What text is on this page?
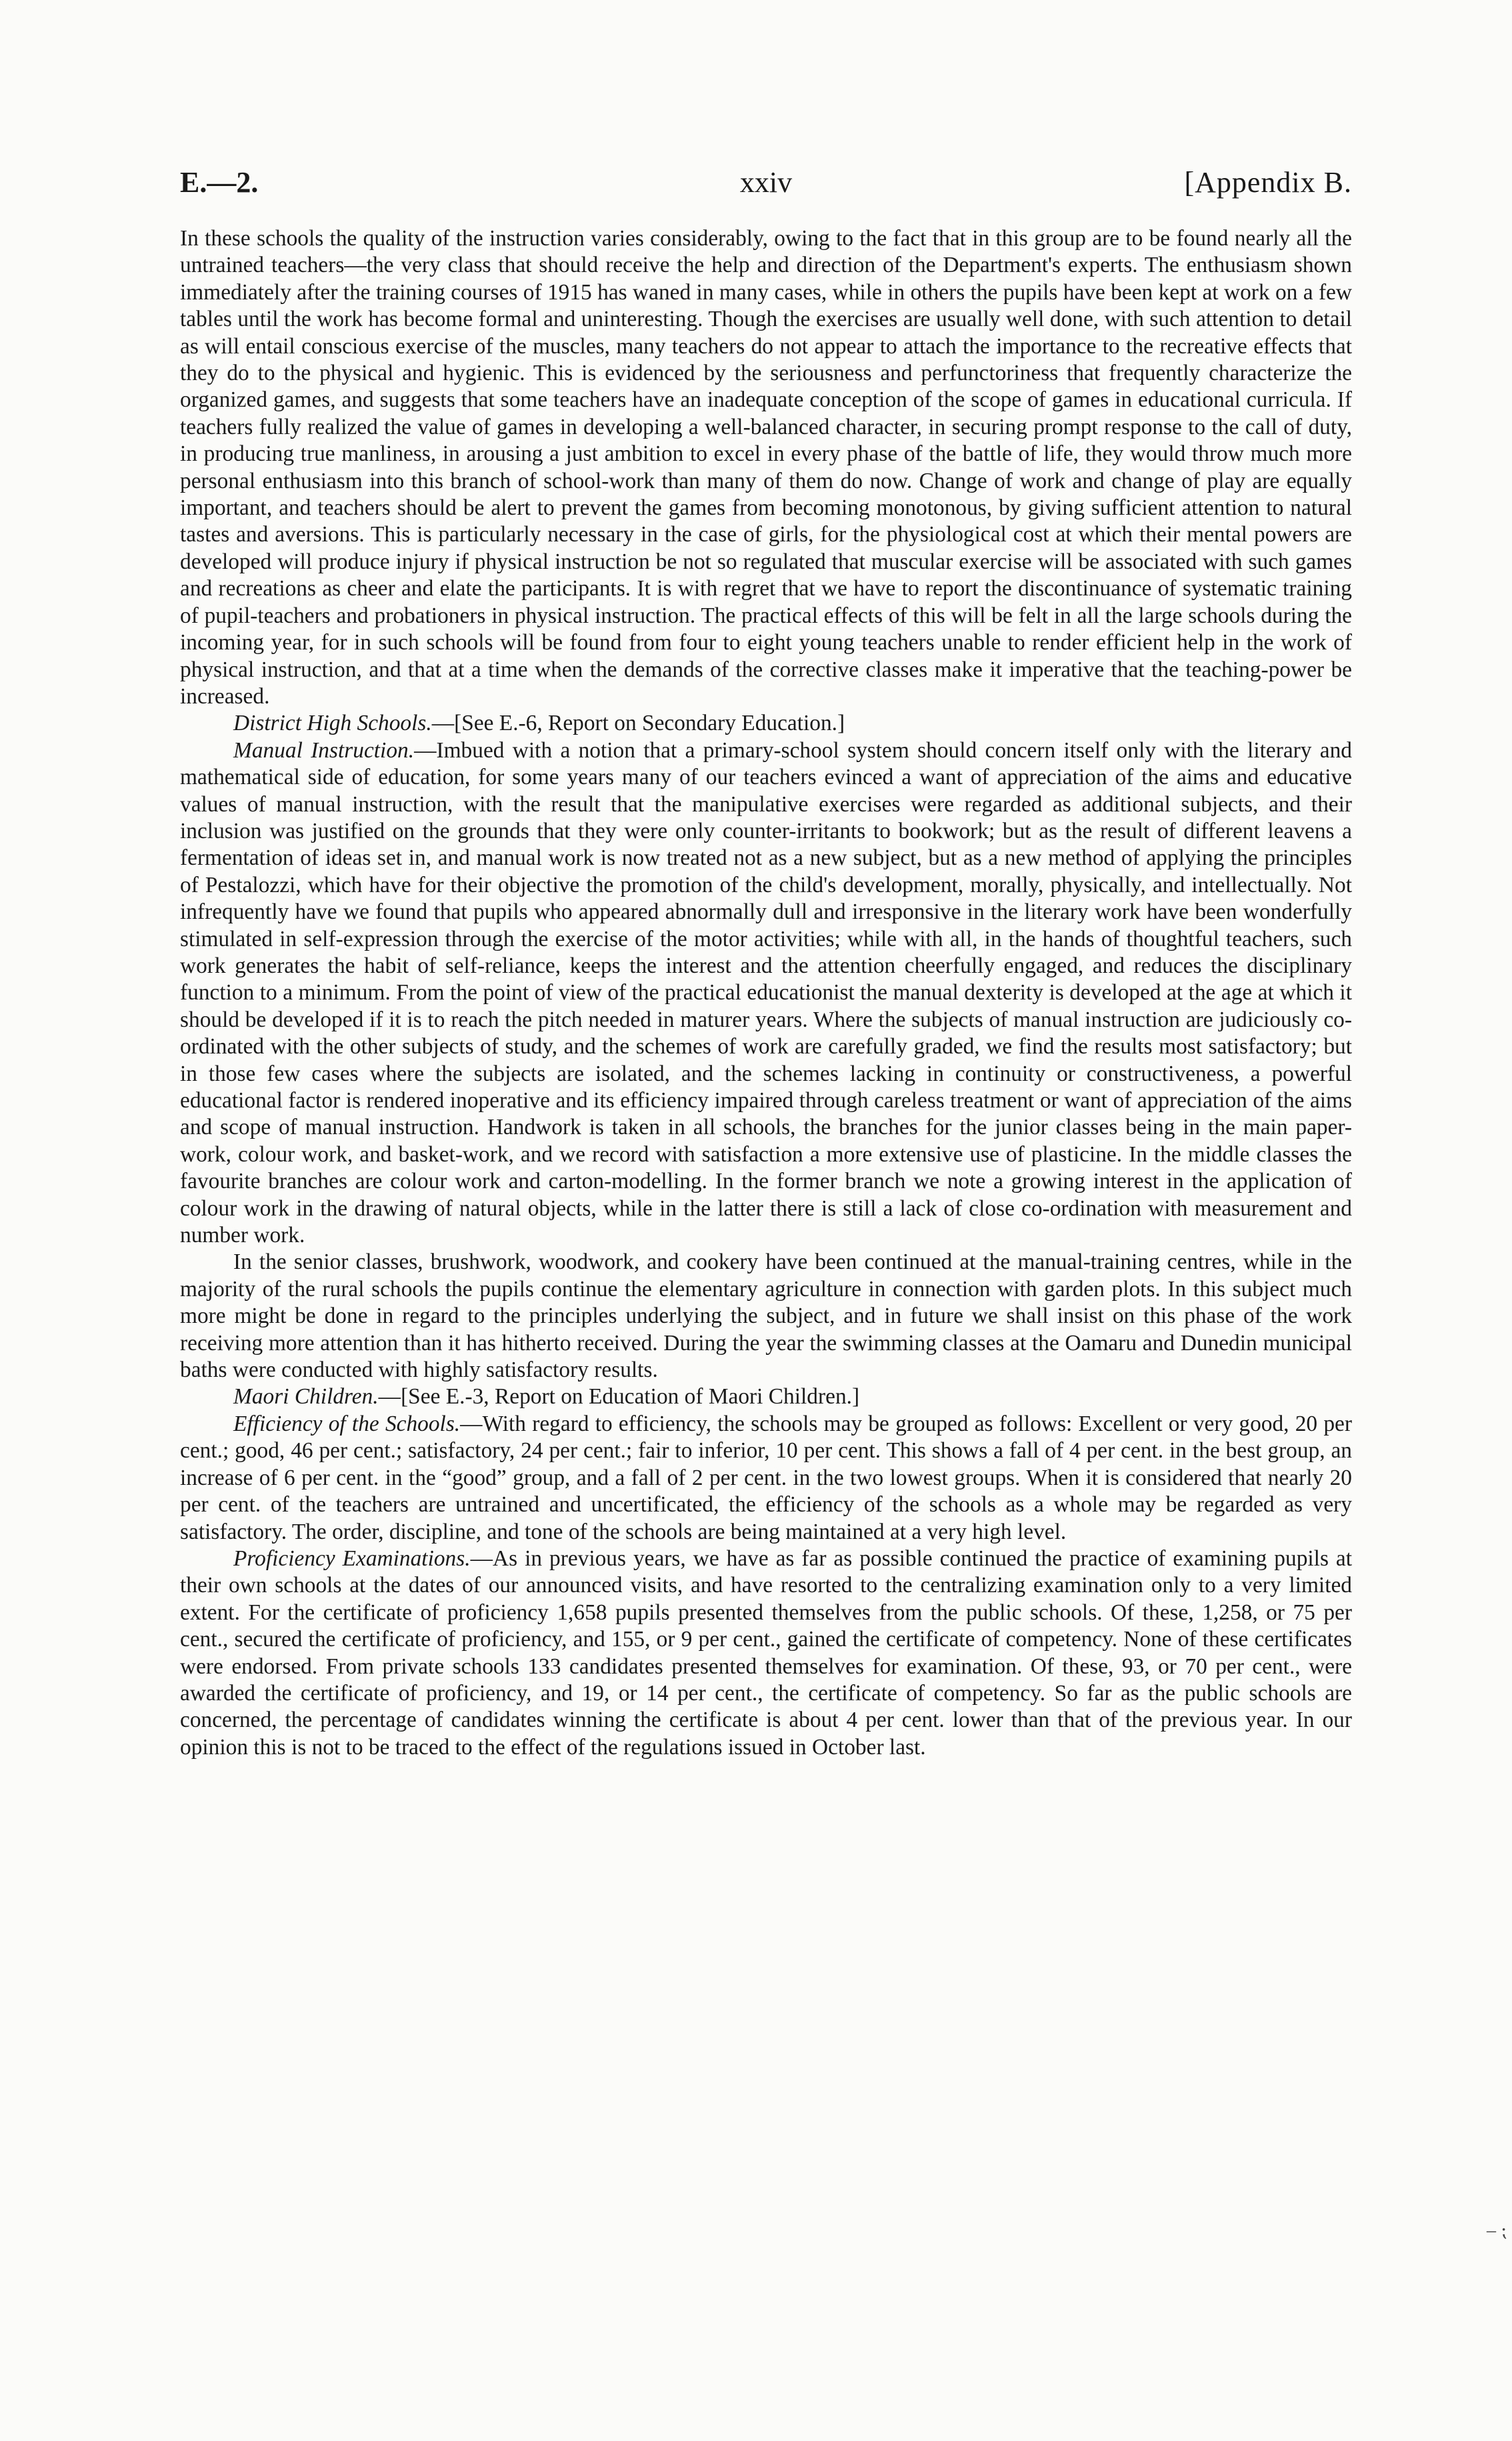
E.—2.	xxiv	[Appendix B.

In these schools the quality of the instruction varies considerably, owing to the fact that in this group are to be found nearly all the untrained teachers—the very class that should receive the help and direction of the Department's experts. The enthusiasm shown immediately after the training courses of 1915 has waned in many cases, while in others the pupils have been kept at work on a few tables until the work has become formal and uninteresting. Though the exercises are usually well done, with such attention to detail as will entail conscious exercise of the muscles, many teachers do not appear to attach the importance to the recreative effects that they do to the physical and hygienic. This is evidenced by the seriousness and perfunctoriness that frequently characterize the organized games, and suggests that some teachers have an inadequate conception of the scope of games in educational curricula. If teachers fully realized the value of games in developing a well-balanced character, in securing prompt response to the call of duty, in producing true manliness, in arousing a just ambition to excel in every phase of the battle of life, they would throw much more personal enthusiasm into this branch of school-work than many of them do now. Change of work and change of play are equally important, and teachers should be alert to prevent the games from becoming monotonous, by giving sufficient attention to natural tastes and aversions. This is particularly necessary in the case of girls, for the physiological cost at which their mental powers are developed will produce injury if physical instruction be not so regulated that muscular exercise will be associated with such games and recreations as cheer and elate the participants. It is with regret that we have to report the discontinuance of systematic training of pupil-teachers and probationers in physical instruction. The practical effects of this will be felt in all the large schools during the incoming year, for in such schools will be found from four to eight young teachers unable to render efficient help in the work of physical instruction, and that at a time when the demands of the corrective classes make it imperative that the teaching-power be increased.

District High Schools.—[See E.-6, Report on Secondary Education.]

Manual Instruction.—Imbued with a notion that a primary-school system should concern itself only with the literary and mathematical side of education, for some years many of our teachers evinced a want of appreciation of the aims and educative values of manual instruction, with the result that the manipulative exercises were regarded as additional subjects, and their inclusion was justified on the grounds that they were only counter-irritants to bookwork; but as the result of different leavens a fermentation of ideas set in, and manual work is now treated not as a new subject, but as a new method of applying the principles of Pestalozzi, which have for their objective the promotion of the child's development, morally, physically, and intellectually. Not infrequently have we found that pupils who appeared abnormally dull and irresponsive in the literary work have been wonderfully stimulated in self-expression through the exercise of the motor activities; while with all, in the hands of thoughtful teachers, such work generates the habit of self-reliance, keeps the interest and the attention cheerfully engaged, and reduces the disciplinary function to a minimum. From the point of view of the practical educationist the manual dexterity is developed at the age at which it should be developed if it is to reach the pitch needed in maturer years. Where the subjects of manual instruction are judiciously co-ordinated with the other subjects of study, and the schemes of work are carefully graded, we find the results most satisfactory; but in those few cases where the subjects are isolated, and the schemes lacking in continuity or constructiveness, a powerful educational factor is rendered inoperative and its efficiency impaired through careless treatment or want of appreciation of the aims and scope of manual instruction. Handwork is taken in all schools, the branches for the junior classes being in the main paper-work, colour work, and basket-work, and we record with satisfaction a more extensive use of plasticine. In the middle classes the favourite branches are colour work and carton-modelling. In the former branch we note a growing interest in the application of colour work in the drawing of natural objects, while in the latter there is still a lack of close co-ordination with measurement and number work.

In the senior classes, brushwork, woodwork, and cookery have been continued at the manual-training centres, while in the majority of the rural schools the pupils continue the elementary agriculture in connection with garden plots. In this subject much more might be done in regard to the principles underlying the subject, and in future we shall insist on this phase of the work receiving more attention than it has hitherto received. During the year the swimming classes at the Oamaru and Dunedin municipal baths were conducted with highly satisfactory results.

Maori Children.—[See E.-3, Report on Education of Maori Children.]

Efficiency of the Schools.—With regard to efficiency, the schools may be grouped as follows: Excellent or very good, 20 per cent.; good, 46 per cent.; satisfactory, 24 per cent.; fair to inferior, 10 per cent. This shows a fall of 4 per cent. in the best group, an increase of 6 per cent. in the “good” group, and a fall of 2 per cent. in the two lowest groups. When it is considered that nearly 20 per cent. of the teachers are untrained and uncertificated, the efficiency of the schools as a whole may be regarded as very satisfactory. The order, discipline, and tone of the schools are being maintained at a very high level.

Proficiency Examinations.—As in previous years, we have as far as possible continued the practice of examining pupils at their own schools at the dates of our announced visits, and have resorted to the centralizing examination only to a very limited extent. For the certificate of proficiency 1,658 pupils presented themselves from the public schools. Of these, 1,258, or 75 per cent., secured the certificate of proficiency, and 155, or 9 per cent., gained the certificate of competency. None of these certificates were endorsed. From private schools 133 candidates presented themselves for examination. Of these, 93, or 70 per cent., were awarded the certificate of proficiency, and 19, or 14 per cent., the certificate of competency. So far as the public schools are concerned, the percentage of candidates winning the certificate is about 4 per cent. lower than that of the previous year. In our opinion this is not to be traced to the effect of the regulations issued in October last.

‒ ⁏
